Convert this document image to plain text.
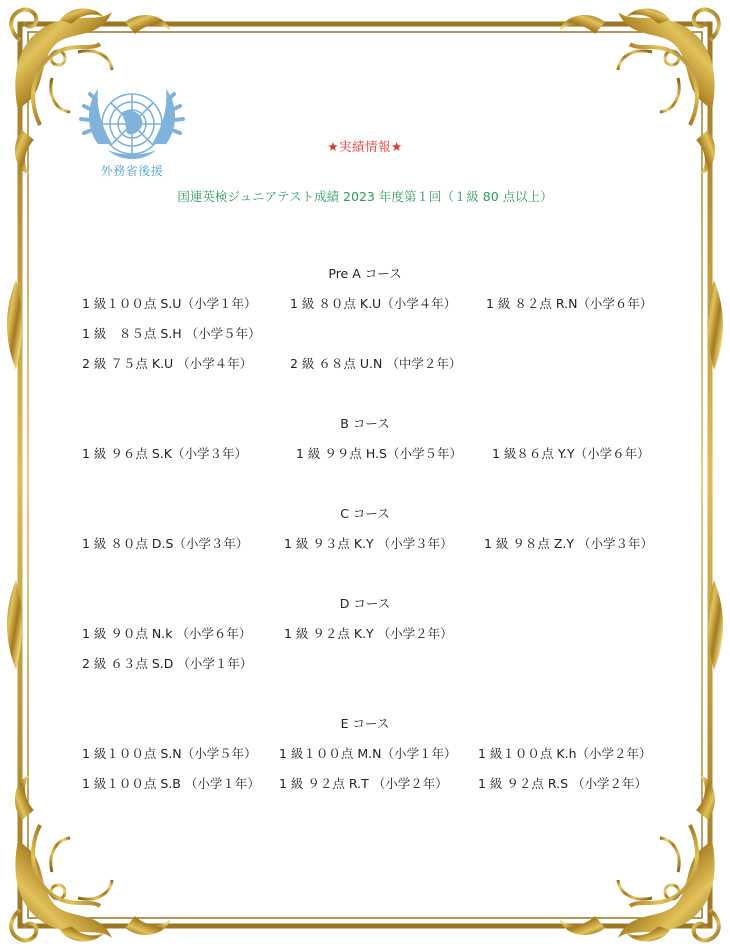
外務省後援
★実績情報★
国連英検ジュニアテスト成績 2023 年度第１回（１級 80 点以上）
Pre A コース
1 級１００点 S.U（小学１年）	1 級 ８０点 K.U（小学４年） 1 級 ８２点 R.N（小学６年）
1 級　８５点 S.H （小学５年）
2 級 ７５点 K.U （小学４年）	2 級 ６８点 U.N （中学２年）
B コース
1 級 ９６点 S.K（小学３年）	1 級 ９９点 H.S（小学５年） 1 級８６点 Y.Y（小学６年）
C コース
1 級 ８０点 D.S（小学３年）	1 級 ９３点 K.Y （小学３年）	1 級 ９８点 Z.Y （小学３年）
D コース
1 級 ９０点 N.k （小学６年）	1 級 ９２点 K.Y （小学２年）
2 級 ６３点 S.D （小学１年）
E コース
1 級１００点 S.N（小学５年） 1 級１００点 M.N（小学１年） 1 級１００点 K.h（小学２年）
1 級１００点 S.B （小学１年） 1 級 ９２点 R.T （小学２年） 1 級 ９２点 R.S （小学２年）
